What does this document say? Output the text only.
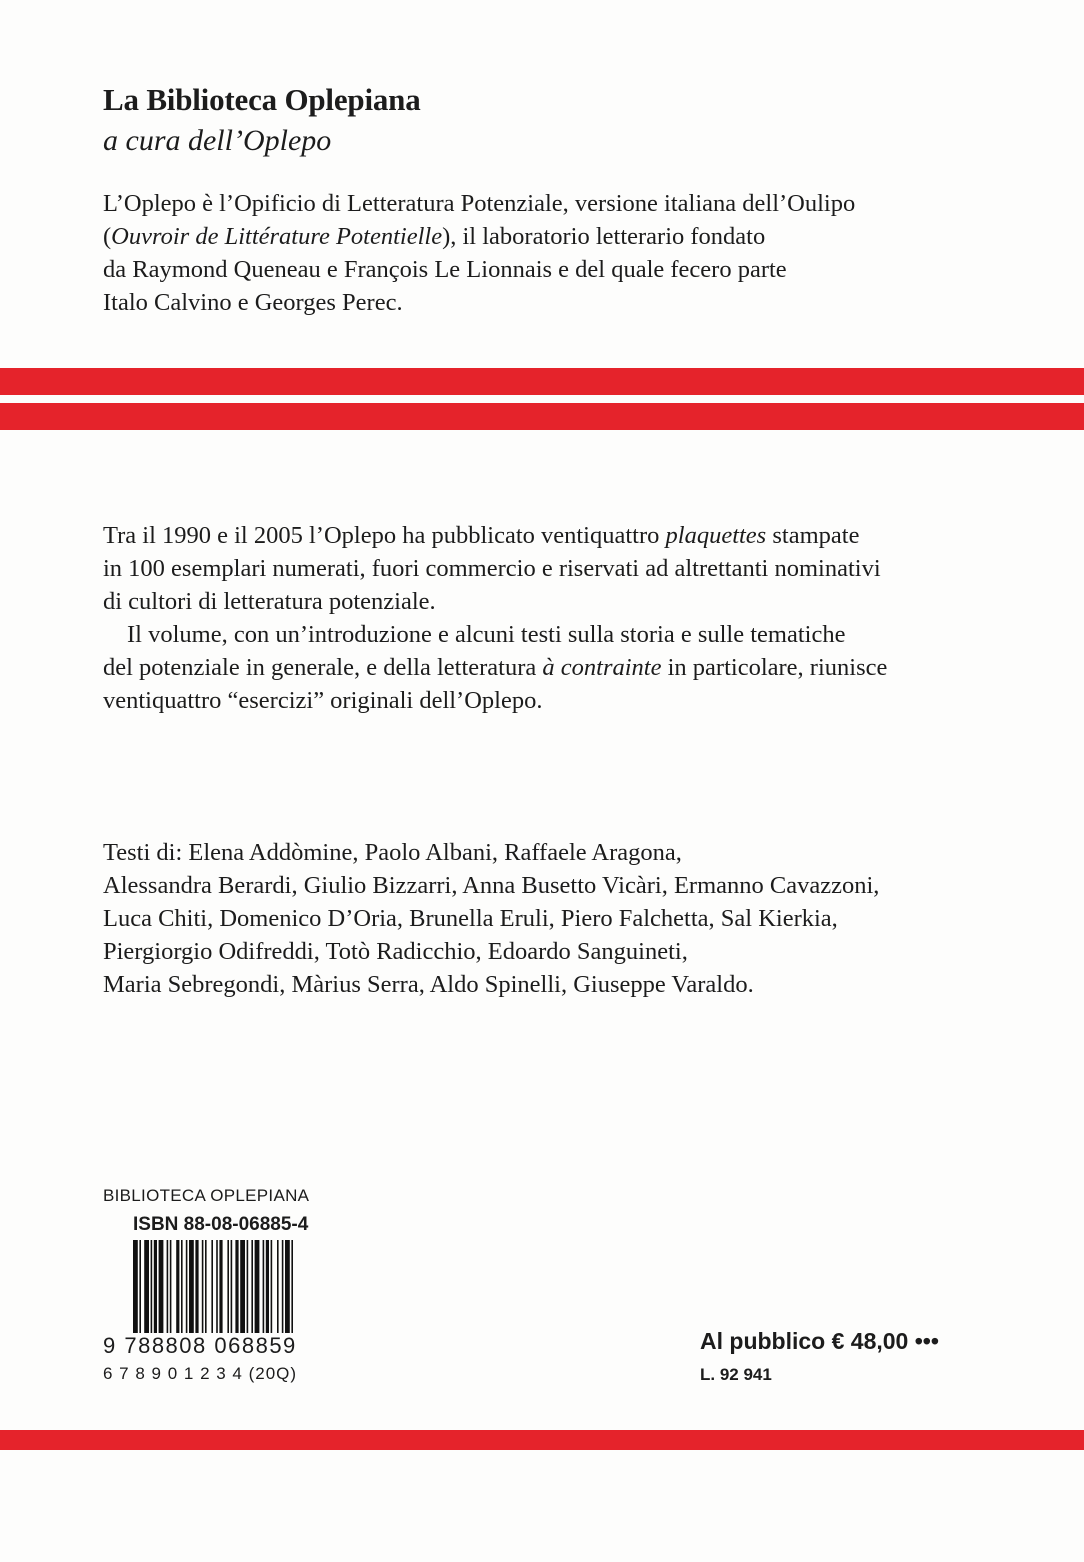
La Biblioteca Oplepiana
a cura dell’Oplepo
L’Oplepo è l’Opificio di Letteratura Potenziale, versione italiana dell’Oulipo
(Ouvroir de Littérature Potentielle), il laboratorio letterario fondato
da Raymond Queneau e François Le Lionnais e del quale fecero parte
Italo Calvino e Georges Perec.
Tra il 1990 e il 2005 l’Oplepo ha pubblicato ventiquattro plaquettes stampate
in 100 esemplari numerati, fuori commercio e riservati ad altrettanti nominativi
di cultori di letteratura potenziale.
Il volume, con un’introduzione e alcuni testi sulla storia e sulle tematiche
del potenziale in generale, e della letteratura à contrainte in particolare, riunisce
ventiquattro “esercizi” originali dell’Oplepo.
Testi di: Elena Addòmine, Paolo Albani, Raffaele Aragona,
Alessandra Berardi, Giulio Bizzarri, Anna Busetto Vicàri, Ermanno Cavazzoni,
Luca Chiti, Domenico D’Oria, Brunella Eruli, Piero Falchetta, Sal Kierkia,
Piergiorgio Odifreddi, Totò Radicchio, Edoardo Sanguineti,
Maria Sebregondi, Màrius Serra, Aldo Spinelli, Giuseppe Varaldo.
BIBLIOTECA OPLEPIANA
ISBN 88-08-06885-4
9 788808 068859
6 7 8 9 0 1 2 3 4 (20Q)
Al pubblico € 48,00 •••
L. 92 941
